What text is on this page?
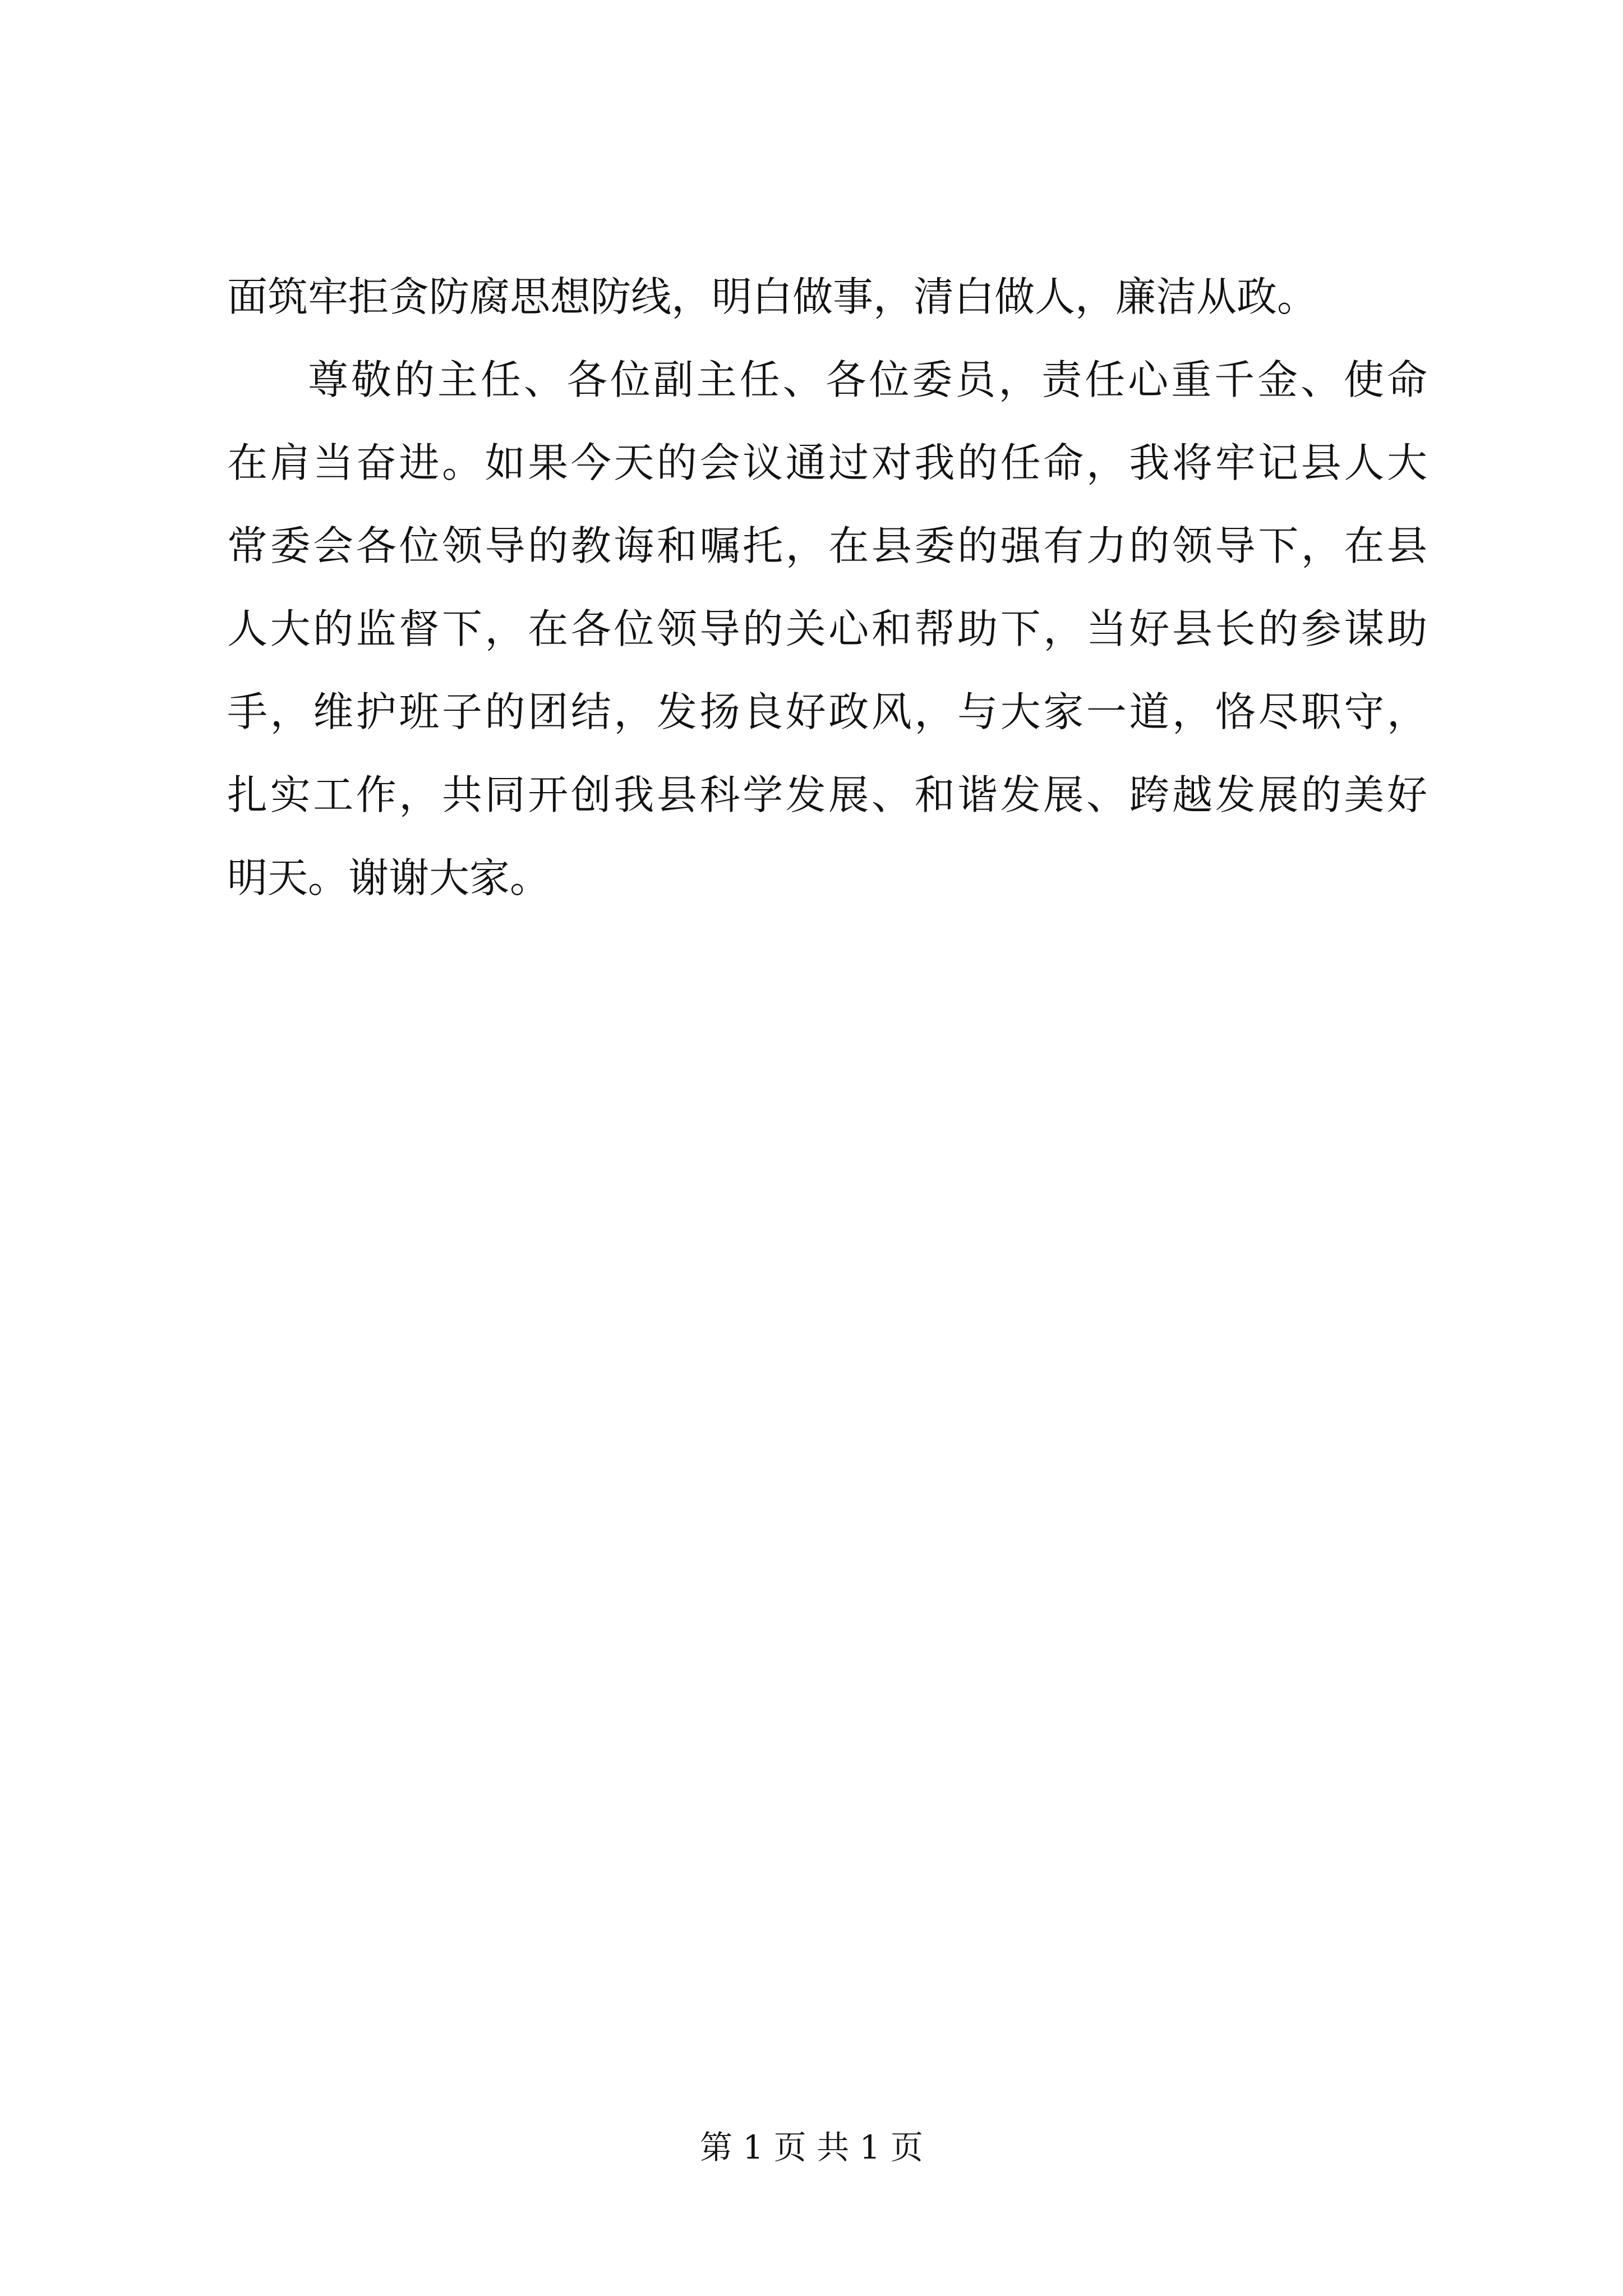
面筑牢拒贪防腐思想防线，明白做事，清白做人，廉洁从政。
尊敬的主任、各位副主任、各位委员，责任心重千金、使命
在肩当奋进。如果今天的会议通过对我的任命，我将牢记县人大
常委会各位领导的教诲和嘱托，在县委的强有力的领导下，在县
人大的监督下，在各位领导的关心和帮助下，当好县长的参谋助
手，维护班子的团结，发扬良好政风，与大家一道，恪尽职守，
扎实工作，共同开创我县科学发展、和谐发展、跨越发展的美好
明天。谢谢大家。
第 1 页 共 1 页
